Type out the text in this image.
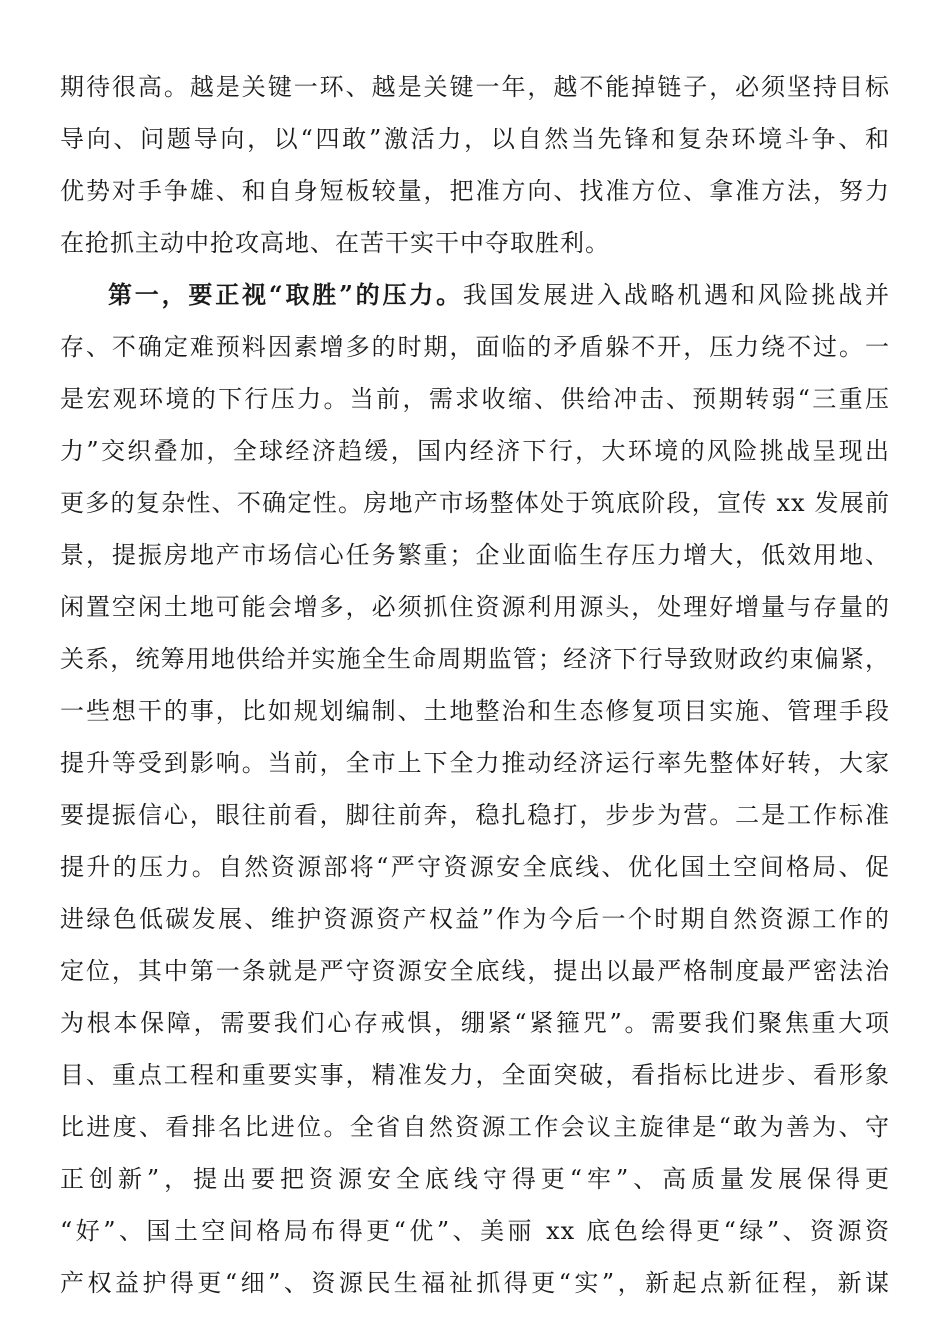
期待很高。越是关键一环、越是关键一年，越不能掉链子，必须坚持目标
导向、问题导向，以“四敢”激活力，以自然当先锋和复杂环境斗争、和
优势对手争雄、和自身短板较量，把准方向、找准方位、拿准方法，努力
在抢抓主动中抢攻高地、在苦干实干中夺取胜利。
第一，要正视“取胜”的压力。我国发展进入战略机遇和风险挑战并
存、不确定难预料因素增多的时期，面临的矛盾躲不开，压力绕不过。一
是宏观环境的下行压力。当前，需求收缩、供给冲击、预期转弱“三重压
力”交织叠加，全球经济趋缓，国内经济下行，大环境的风险挑战呈现出
更多的复杂性、不确定性。房地产市场整体处于筑底阶段，宣传 xx 发展前
景，提振房地产市场信心任务繁重；企业面临生存压力增大，低效用地、
闲置空闲土地可能会增多，必须抓住资源利用源头，处理好增量与存量的
关系，统筹用地供给并实施全生命周期监管；经济下行导致财政约束偏紧，
一些想干的事，比如规划编制、土地整治和生态修复项目实施、管理手段
提升等受到影响。当前，全市上下全力推动经济运行率先整体好转，大家
要提振信心，眼往前看，脚往前奔，稳扎稳打，步步为营。二是工作标准
提升的压力。自然资源部将“严守资源安全底线、优化国土空间格局、促
进绿色低碳发展、维护资源资产权益”作为今后一个时期自然资源工作的
定位，其中第一条就是严守资源安全底线，提出以最严格制度最严密法治
为根本保障，需要我们心存戒惧，绷紧“紧箍咒”。需要我们聚焦重大项
目、重点工程和重要实事，精准发力，全面突破，看指标比进步、看形象
比进度、看排名比进位。全省自然资源工作会议主旋律是“敢为善为、守
正创新”，提出要把资源安全底线守得更“牢”、高质量发展保得更
“好”、国土空间格局布得更“优”、美丽 xx 底色绘得更“绿”、资源资
产权益护得更“细”、资源民生福祉抓得更“实”，新起点新征程，新谋
